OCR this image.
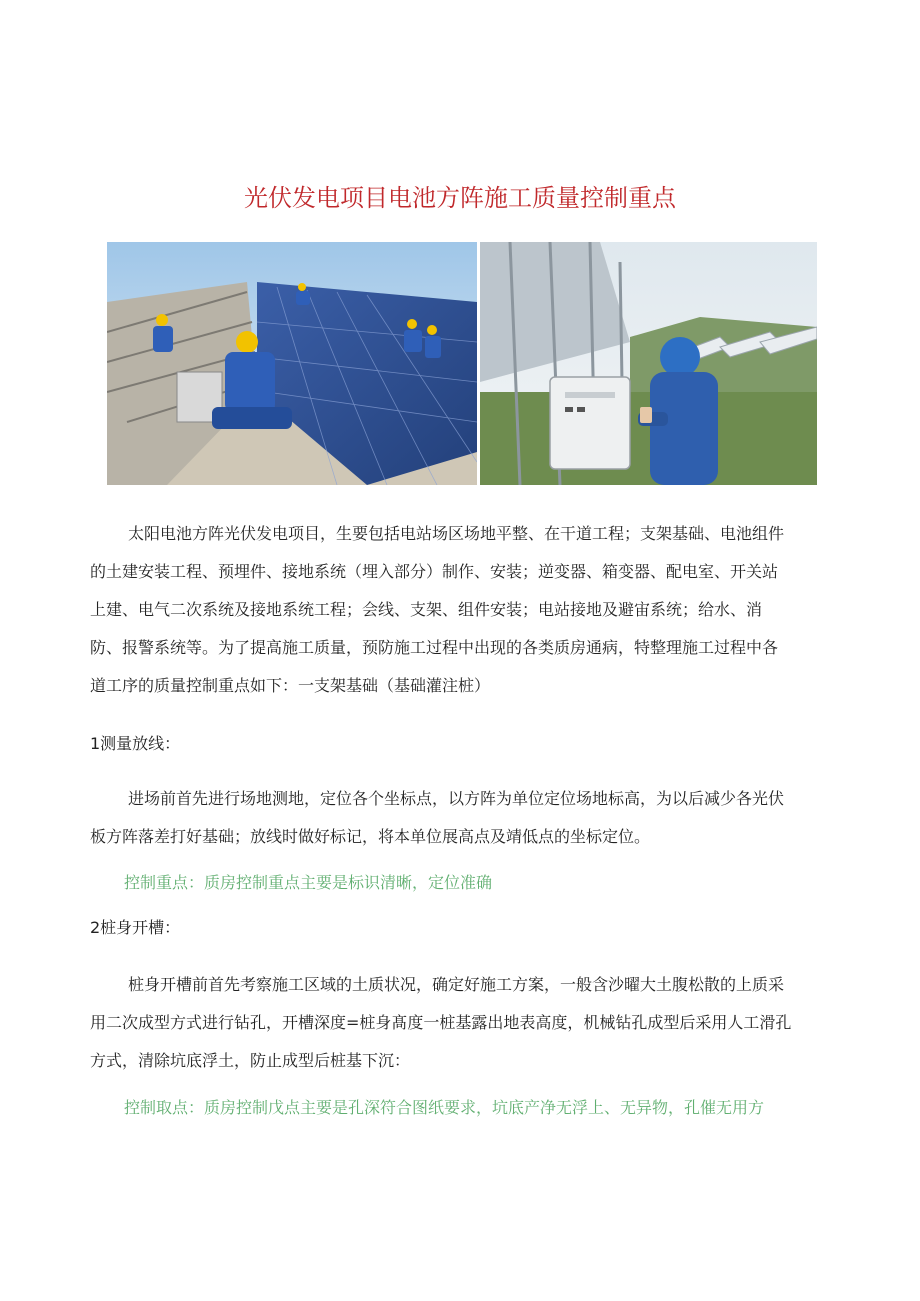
光伏发电项目电池方阵施工质量控制重点
太阳电池方阵光伏发电项目，生要包括电站场区场地平整、在干道工程；支架基础、电池组件
的土建安装工程、预埋件、接地系统（埋入部分）制作、安装；逆变器、箱变器、配电室、开关站
上建、电气二次系统及接地系统工程；会线、支架、组件安装；电站接地及避宙系统；给水、消
防、报警系统等。为了提高施工质量，预防施工过程中出现的各类质房通病，特整理施工过程中各
道工序的质量控制重点如下：一支架基础（基础灌注桩）
1测量放线：
进场前首先进行场地测地，定位各个坐标点，以方阵为单位定位场地标高，为以后减少各光伏
板方阵落差打好基础；放线时做好标记，将本单位展高点及靖低点的坐标定位。
控制重点：质房控制重点主要是标识清晰，定位准确
2桩身开槽：
桩身开槽前首先考察施工区域的土质状况，确定好施工方案，一般含沙曜大土腹松散的上质采
用二次成型方式进行钻孔，开槽深度=桩身髙度一桩基露出地表高度，机械钻孔成型后采用人工滑孔
方式，清除坑底浮土，防止成型后桩基下沉：
控制取点：质房控制戊点主要是孔深符合图纸要求，坑底产净无浮上、无异物，孔催无用方
